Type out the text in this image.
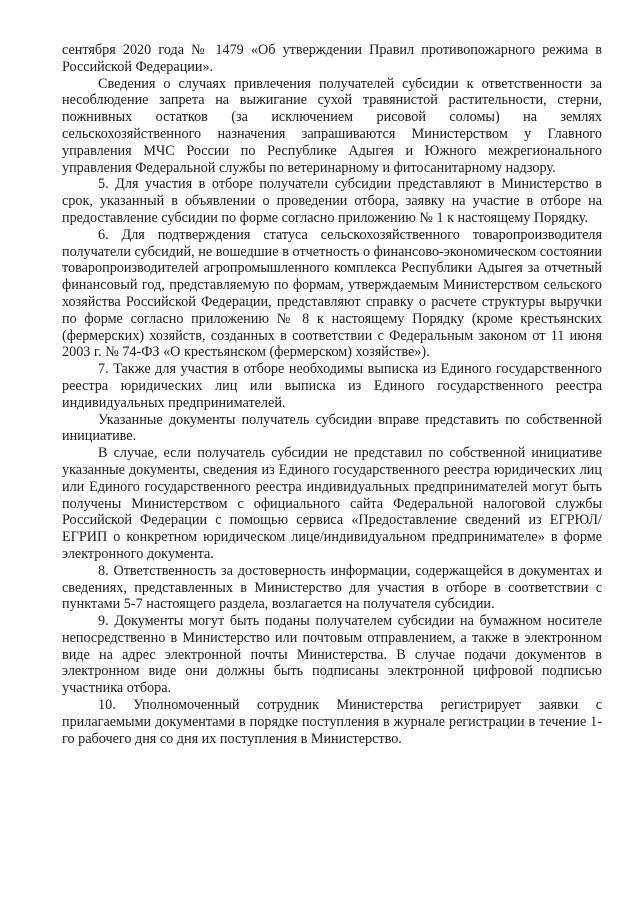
сентября 2020 года № 1479 «Об утверждении Правил противопожарного режима в Российской Федерации».

Сведения о случаях привлечения получателей субсидии к ответственности за несоблюдение запрета на выжигание сухой травянистой растительности, стерни, пожнивных остатков (за исключением рисовой соломы) на землях сельскохозяйственного назначения запрашиваются Министерством у Главного управления МЧС России по Республике Адыгея и Южного межрегионального управления Федеральной службы по ветеринарному и фитосанитарному надзору.

5. Для участия в отборе получатели субсидии представляют в Министерство в срок, указанный в объявлении о проведении отбора, заявку на участие в отборе на предоставление субсидии по форме согласно приложению № 1 к настоящему Порядку.

6. Для подтверждения статуса сельскохозяйственного товаропроизводителя получатели субсидий, не вошедшие в отчетность о финансово-экономическом состоянии товаропроизводителей агропромышленного комплекса Республики Адыгея за отчетный финансовый год, представляемую по формам, утверждаемым Министерством сельского хозяйства Российской Федерации, представляют справку о расчете структуры выручки по форме согласно приложению № 8 к настоящему Порядку (кроме крестьянских (фермерских) хозяйств, созданных в соответствии с Федеральным законом от 11 июня 2003 г. № 74-ФЗ «О крестьянском (фермерском) хозяйстве»).

7. Также для участия в отборе необходимы выписка из Единого государственного реестра юридических лиц или выписка из Единого государственного реестра индивидуальных предпринимателей.

Указанные документы получатель субсидии вправе представить по собственной инициативе.

В случае, если получатель субсидии не представил по собственной инициативе указанные документы, сведения из Единого государственного реестра юридических лиц или Единого государственного реестра индивидуальных предпринимателей могут быть получены Министерством с официального сайта Федеральной налоговой службы Российской Федерации с помощью сервиса «Предоставление сведений из ЕГРЮЛ/ЕГРИП о конкретном юридическом лице/индивидуальном предпринимателе» в форме электронного документа.

8. Ответственность за достоверность информации, содержащейся в документах и сведениях, представленных в Министерство для участия в отборе в соответствии с пунктами 5-7 настоящего раздела, возлагается на получателя субсидии.

9. Документы могут быть поданы получателем субсидии на бумажном носителе непосредственно в Министерство или почтовым отправлением, а также в электронном виде на адрес электронной почты Министерства. В случае подачи документов в электронном виде они должны быть подписаны электронной цифровой подписью участника отбора.

10. Уполномоченный сотрудник Министерства регистрирует заявки с прилагаемыми документами в порядке поступления в журнале регистрации в течение 1-го рабочего дня со дня их поступления в Министерство.
